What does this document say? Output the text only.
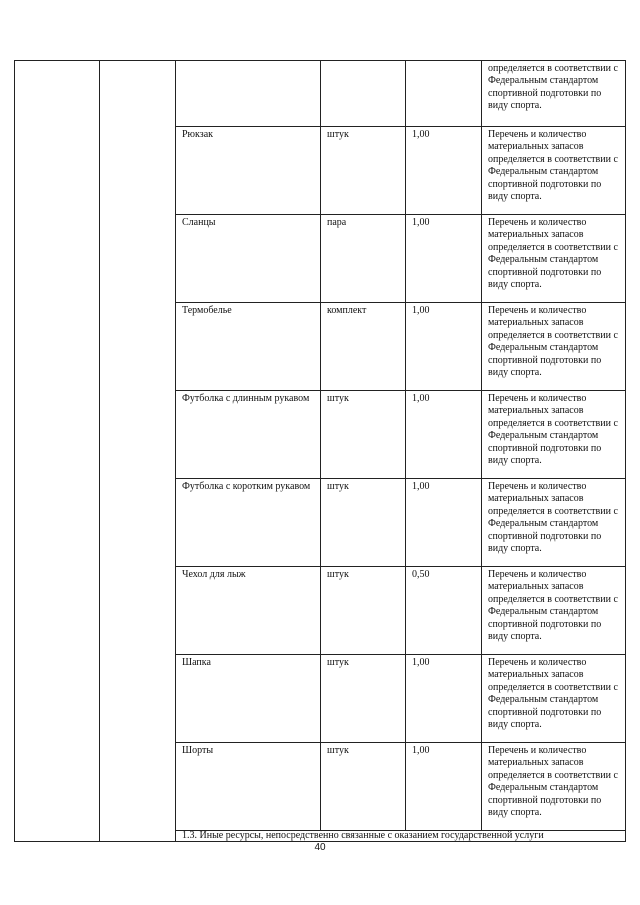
					определяется в соответствии с Федеральным стандартом спортивной подготовки по виду спорта.
		Рюкзак	штук	1,00	Перечень и количество материальных запасов определяется в соответствии с Федеральным стандартом спортивной подготовки по виду спорта.
		Сланцы	пара	1,00	Перечень и количество материальных запасов определяется в соответствии с Федеральным стандартом спортивной подготовки по виду спорта.
		Термобелье	комплект	1,00	Перечень и количество материальных запасов определяется в соответствии с Федеральным стандартом спортивной подготовки по виду спорта.
		Футболка с длинным рукавом	штук	1,00	Перечень и количество материальных запасов определяется в соответствии с Федеральным стандартом спортивной подготовки по виду спорта.
		Футболка с коротким рукавом	штук	1,00	Перечень и количество материальных запасов определяется в соответствии с Федеральным стандартом спортивной подготовки по виду спорта.
		Чехол для лыж	штук	0,50	Перечень и количество материальных запасов определяется в соответствии с Федеральным стандартом спортивной подготовки по виду спорта.
		Шапка	штук	1,00	Перечень и количество материальных запасов определяется в соответствии с Федеральным стандартом спортивной подготовки по виду спорта.
		Шорты	штук	1,00	Перечень и количество материальных запасов определяется в соответствии с Федеральным стандартом спортивной подготовки по виду спорта.
		1.3. Иные ресурсы, непосредственно связанные с оказанием государственной услуги			
40
